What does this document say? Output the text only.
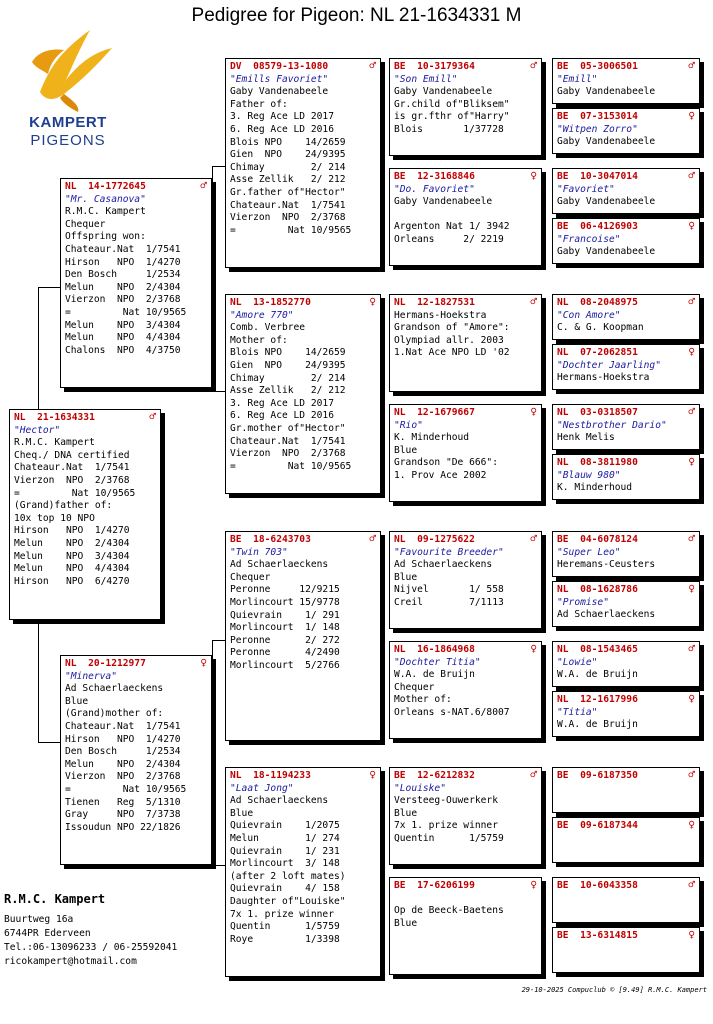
Pedigree for Pigeon: NL 21-1634331 M
KAMPERT
PIGEONS
NL  21-1634331	♂
"Hector"
R.M.C. Kampert
Cheq./ DNA certified
Chateaur.Nat  1/7541
Vierzon  NPO  2/3768
=         Nat 10/9565
(Grand)father of:
10x top 10 NPO
Hirson   NPO  1/4270
Melun    NPO  2/4304
Melun    NPO  3/4304
Melun    NPO  4/4304
Hirson   NPO  6/4270
NL  14-1772645	♂
"Mr. Casanova"
R.M.C. Kampert
Chequer
Offspring won:
Chateaur.Nat  1/7541
Hirson   NPO  1/4270
Den Bosch     1/2534
Melun    NPO  2/4304
Vierzon  NPO  2/3768
=         Nat 10/9565
Melun    NPO  3/4304
Melun    NPO  4/4304
Chalons  NPO  4/3750
NL  20-1212977	♀
"Minerva"
Ad Schaerlaeckens
Blue
(Grand)mother of:
Chateaur.Nat  1/7541
Hirson   NPO  1/4270
Den Bosch     1/2534
Melun    NPO  2/4304
Vierzon  NPO  2/3768
=         Nat 10/9565
Tienen   Reg  5/1310
Gray     NPO  7/3738
Issoudun NPO 22/1826
DV  08579-13-1080	♂
"Emills Favoriet"
Gaby Vandenabeele
Father of:
3. Reg Ace LD 2017
6. Reg Ace LD 2016
Blois NPO    14/2659
Gien  NPO    24/9395
Chimay        2/ 214
Asse Zellik   2/ 212
Gr.father of"Hector"
Chateaur.Nat  1/7541
Vierzon  NPO  2/3768
=         Nat 10/9565
NL  13-1852770	♀
"Amore 770"
Comb. Verbree
Mother of:
Blois NPO    14/2659
Gien  NPO    24/9395
Chimay        2/ 214
Asse Zellik   2/ 212
3. Reg Ace LD 2017
6. Reg Ace LD 2016
Gr.mother of"Hector"
Chateaur.Nat  1/7541
Vierzon  NPO  2/3768
=         Nat 10/9565
BE  18-6243703	♂
"Twin 703"
Ad Schaerlaeckens
Chequer
Peronne     12/9215
Morlincourt 15/9778
Quievrain    1/ 291
Morlincourt  1/ 148
Peronne      2/ 272
Peronne      4/2490
Morlincourt  5/2766
NL  18-1194233	♀
"Laat Jong"
Ad Schaerlaeckens
Blue
Quievrain    1/2075
Melun        1/ 274
Quievrain    1/ 231
Morlincourt  3/ 148
(after 2 loft mates)
Quievrain    4/ 158
Daughter of"Louiske"
7x 1. prize winner
Quentin      1/5759
Roye         1/3398
BE  10-3179364	♂
"Son Emill"
Gaby Vandenabeele
Gr.child of"Bliksem"
is gr.fthr of"Harry"
Blois       1/37728
BE  12-3168846	♀
"Do. Favoriet"
Gaby Vandenabeele

Argenton Nat 1/ 3942
Orleans     2/ 2219
NL  12-1827531	♂
Hermans-Hoekstra
Grandson of "Amore":
Olympiad allr. 2003
1.Nat Ace NPO LD '02
NL  12-1679667	♀
"Rio"
K. Minderhoud
Blue
Grandson "De 666":
1. Prov Ace 2002
NL  09-1275622	♂
"Favourite Breeder"
Ad Schaerlaeckens
Blue
Nijvel       1/ 558
Creil        7/1113
NL  16-1864968	♀
"Dochter Titia"
W.A. de Bruijn
Chequer
Mother of:
Orleans s-NAT.6/8007
BE  12-6212832	♂
"Louiske"
Versteeg-Ouwerkerk
Blue
7x 1. prize winner
Quentin      1/5759
BE  17-6206199	♀

Op de Beeck-Baetens
Blue
BE  05-3006501	♂
"Emill"
Gaby Vandenabeele
BE  07-3153014	♀
"Witpen Zorro"
Gaby Vandenabeele
BE  10-3047014	♂
"Favoriet"
Gaby Vandenabeele
BE  06-4126903	♀
"Francoise"
Gaby Vandenabeele
NL  08-2048975	♂
"Con Amore"
C. & G. Koopman
NL  07-2062851	♀
"Dochter Jaarling"
Hermans-Hoekstra
NL  03-0318507	♂
"Nestbrother Dario"
Henk Melis
NL  08-3811980	♀
"Blauw 980"
K. Minderhoud
BE  04-6078124	♂
"Super Leo"
Heremans-Ceusters
NL  08-1628786	♀
"Promise"
Ad Schaerlaeckens
NL  08-1543465	♂
"Lowie"
W.A. de Bruijn
NL  12-1617996	♀
"Titia"
W.A. de Bruijn
BE  09-6187350	♂
BE  09-6187344	♀
BE  10-6043358	♂
BE  13-6314815	♀
R.M.C. Kampert
Buurtweg 16a
6744PR Ederveen
Tel.:06-13096233 / 06-25592041
ricokampert@hotmail.com
29-10-2025 Compuclub © [9.49] R.M.C. Kampert
